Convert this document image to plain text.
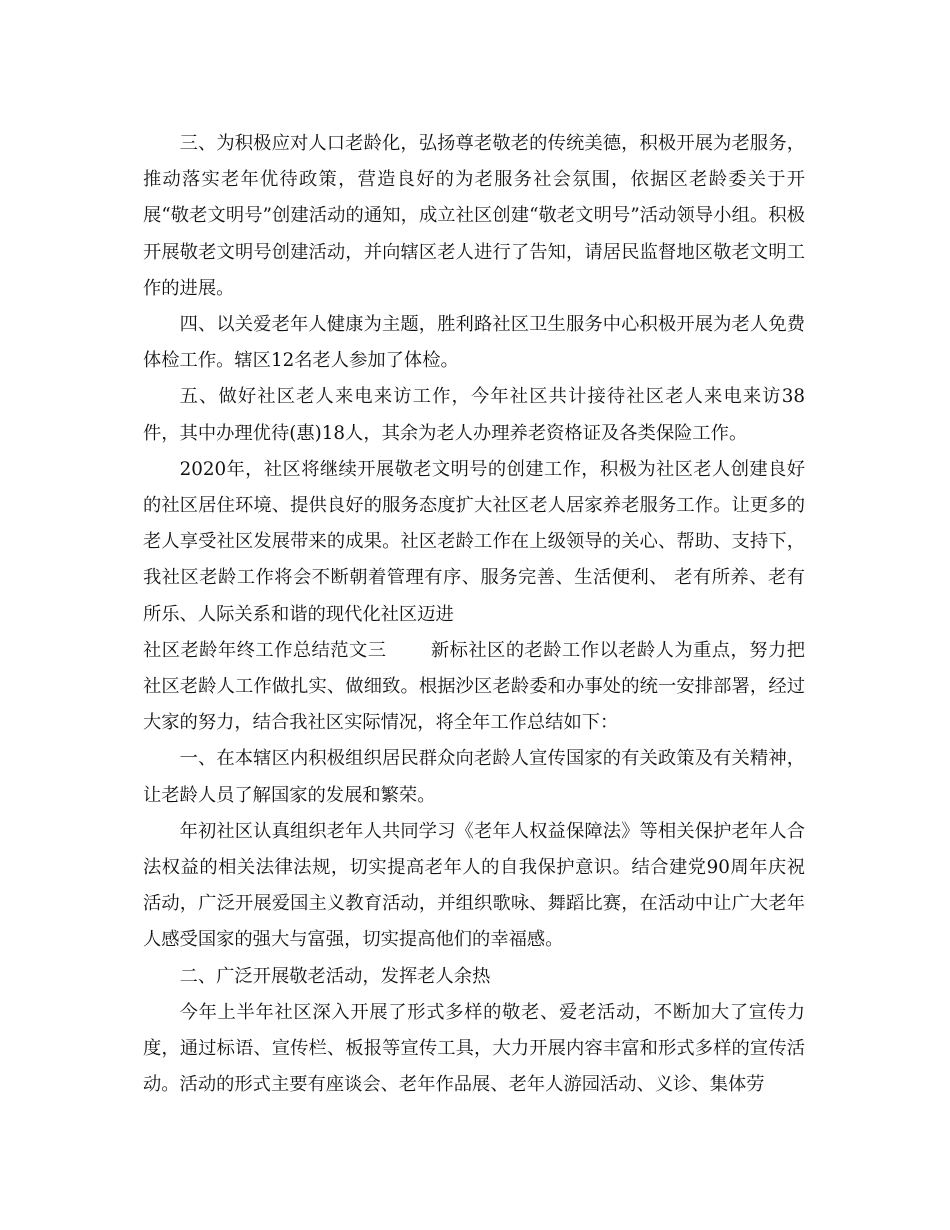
三、为积极应对人口老龄化，弘扬尊老敬老的传统美德，积极开展为老服务，推动落实老年优待政策，营造良好的为老服务社会氛围，依据区老龄委关于开展“敬老文明号”创建活动的通知，成立社区创建“敬老文明号”活动领导小组。积极开展敬老文明号创建活动，并向辖区老人进行了告知，请居民监督地区敬老文明工作的进展。

四、以关爱老年人健康为主题，胜利路社区卫生服务中心积极开展为老人免费体检工作。辖区12名老人参加了体检。

五、做好社区老人来电来访工作，今年社区共计接待社区老人来电来访38件，其中办理优待(惠)18人，其余为老人办理养老资格证及各类保险工作。

2020年，社区将继续开展敬老文明号的创建工作，积极为社区老人创建良好的社区居住环境、提供良好的服务态度扩大社区老人居家养老服务工作。让更多的老人享受社区发展带来的成果。社区老龄工作在上级领导的关心、帮助、支持下，我社区老龄工作将会不断朝着管理有序、服务完善、生活便利、 老有所养、老有所乐、人际关系和谐的现代化社区迈进

社区老龄年终工作总结范文三 新标社区的老龄工作以老龄人为重点，努力把社区老龄人工作做扎实、做细致。根据沙区老龄委和办事处的统一安排部署，经过大家的努力，结合我社区实际情况，将全年工作总结如下：

一、在本辖区内积极组织居民群众向老龄人宣传国家的有关政策及有关精神，让老龄人员了解国家的发展和繁荣。

年初社区认真组织老年人共同学习《老年人权益保障法》等相关保护老年人合法权益的相关法律法规，切实提高老年人的自我保护意识。结合建党90周年庆祝活动，广泛开展爱国主义教育活动，并组织歌咏、舞蹈比赛，在活动中让广大老年人感受国家的强大与富强，切实提高他们的幸福感。

二、广泛开展敬老活动，发挥老人余热

今年上半年社区深入开展了形式多样的敬老、爱老活动，不断加大了宣传力度，通过标语、宣传栏、板报等宣传工具，大力开展内容丰富和形式多样的宣传活动。活动的形式主要有座谈会、老年作品展、老年人游园活动、义诊、集体劳
